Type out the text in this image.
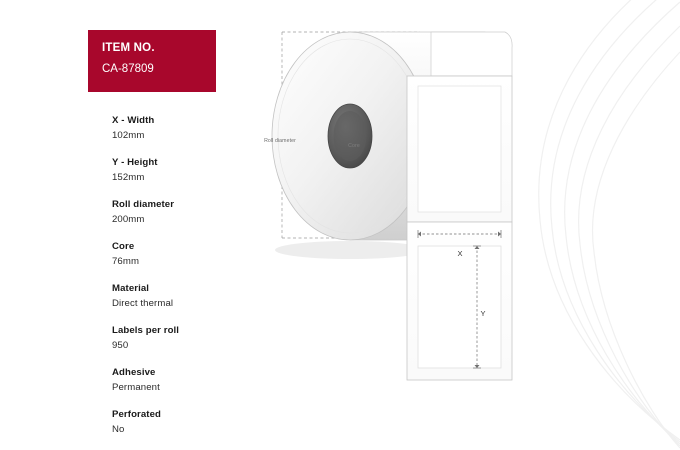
ITEM NO.
CA-87809
X - Width
102mm
Y - Height
152mm
Roll diameter
200mm
Core
76mm
Material
Direct thermal
Labels per roll
950
Adhesive
Permanent
Perforated
No
Roll diameter
Core
X
Y
